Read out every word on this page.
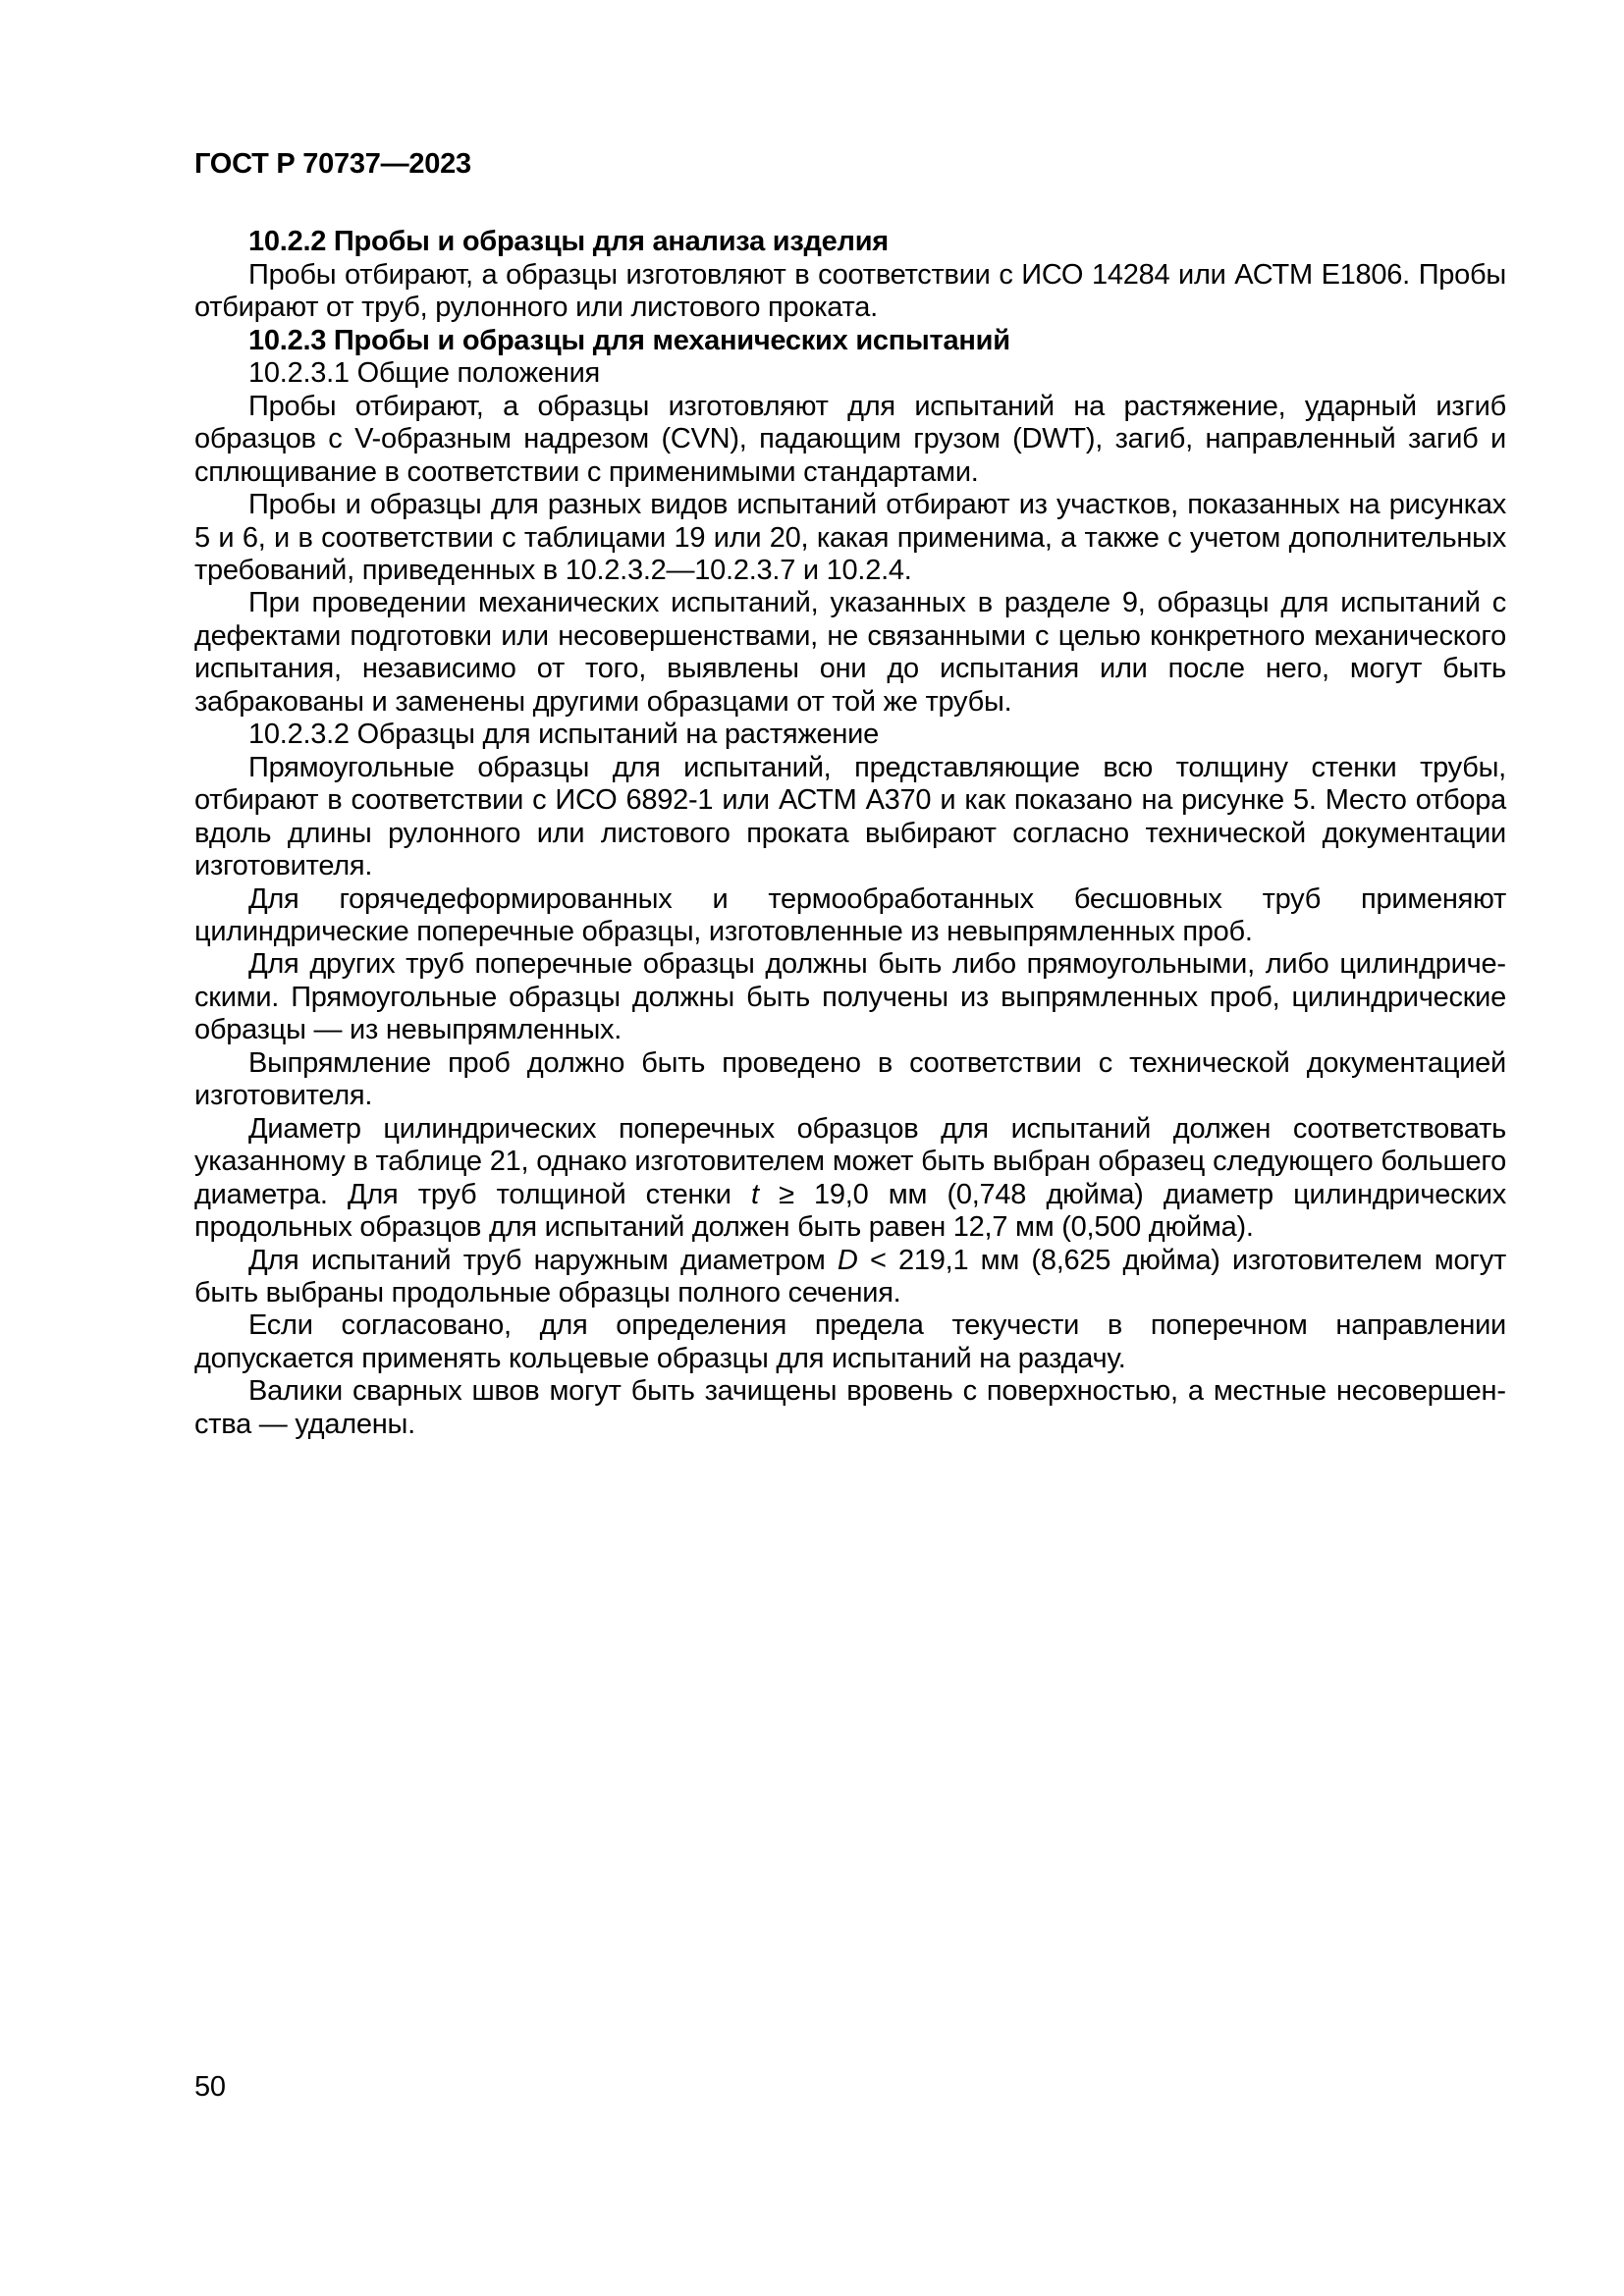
ГОСТ Р 70737—2023

10.2.2 Пробы и образцы для анализа изделия

Пробы отбирают, а образцы изготовляют в соответствии с ИСО 14284 или АСТМ Е1806. Пробы отбирают от труб, рулонного или листового проката.

10.2.3 Пробы и образцы для механических испытаний

10.2.3.1 Общие положения

Пробы отбирают, а образцы изготовляют для испытаний на растяжение, ударный изгиб образцов с V-образным надрезом (CVN), падающим грузом (DWT), загиб, направленный загиб и сплющивание в соответствии с применимыми стандартами.

Пробы и образцы для разных видов испытаний отбирают из участков, показанных на рисунках 5 и 6, и в соответствии с таблицами 19 или 20, какая применима, а также с учетом дополнительных требований, приведенных в 10.2.3.2—10.2.3.7 и 10.2.4.

При проведении механических испытаний, указанных в разделе 9, образцы для испытаний с дефектами подготовки или несовершенствами, не связанными с целью конкретного механического испытания, независимо от того, выявлены они до испытания или после него, могут быть забракованы и заменены другими образцами от той же трубы.

10.2.3.2 Образцы для испытаний на растяжение

Прямоугольные образцы для испытаний, представляющие всю толщину стенки трубы, отбирают в соответствии с ИСО 6892-1 или АСТМ А370 и как показано на рисунке 5. Место отбора вдоль длины рулонного или листового проката выбирают согласно технической документации изготовителя.

Для горячедеформированных и термообработанных бесшовных труб применяют цилиндрические поперечные образцы, изготовленные из невыпрямленных проб.

Для других труб поперечные образцы должны быть либо прямоугольными, либо цилиндрическими. Прямоугольные образцы должны быть получены из выпрямленных проб, цилиндрические образцы — из невыпрямленных.

Выпрямление проб должно быть проведено в соответствии с технической документацией изготовителя.

Диаметр цилиндрических поперечных образцов для испытаний должен соответствовать указанному в таблице 21, однако изготовителем может быть выбран образец следующего большего диаметра. Для труб толщиной стенки t ≥ 19,0 мм (0,748 дюйма) диаметр цилиндрических продольных образцов для испытаний должен быть равен 12,7 мм (0,500 дюйма).

Для испытаний труб наружным диаметром D < 219,1 мм (8,625 дюйма) изготовителем могут быть выбраны продольные образцы полного сечения.

Если согласовано, для определения предела текучести в поперечном направлении допускается применять кольцевые образцы для испытаний на раздачу.

Валики сварных швов могут быть зачищены вровень с поверхностью, а местные несовершенства — удалены.

50
